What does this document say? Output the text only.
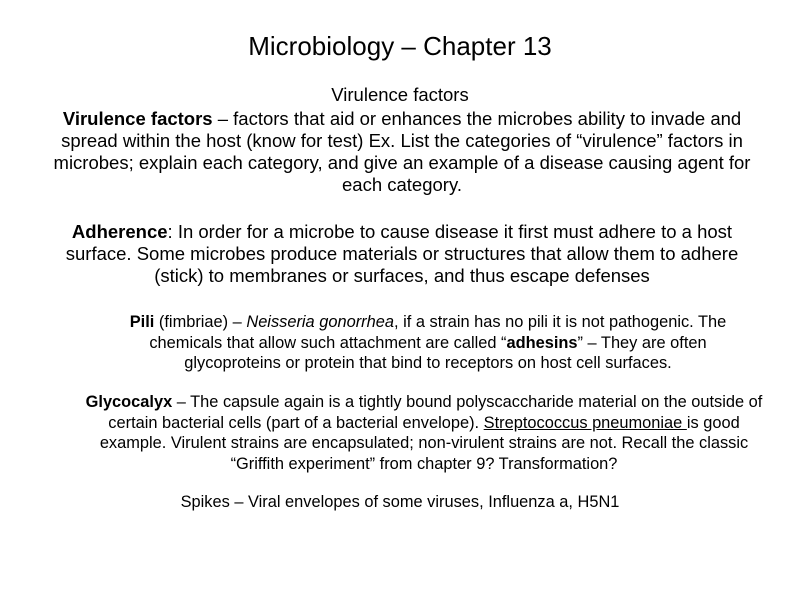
Microbiology – Chapter 13
Virulence factors
Virulence factors – factors that aid or enhances the microbes ability to invade and spread within the host (know for test) Ex. List the categories of “virulence” factors in microbes; explain each category, and give an example of a disease causing agent for each category.
Adherence: In order for a microbe to cause disease it first must adhere to a host surface. Some microbes produce materials or structures that allow them to adhere (stick) to membranes or surfaces, and thus escape defenses
Pili (fimbriae) – Neisseria gonorrhea, if a strain has no pili it is not pathogenic. The chemicals that allow such attachment are called “adhesins” – They are often glycoproteins or protein that bind to receptors on host cell surfaces.
Glycocalyx – The capsule again is a tightly bound polyscaccharide material on the outside of certain bacterial cells (part of a bacterial envelope). Streptococcus pneumoniae is good example. Virulent strains are encapsulated; non-virulent strains are not. Recall the classic “Griffith experiment” from chapter 9? Transformation?
Spikes – Viral envelopes of some viruses, Influenza a, H5N1
